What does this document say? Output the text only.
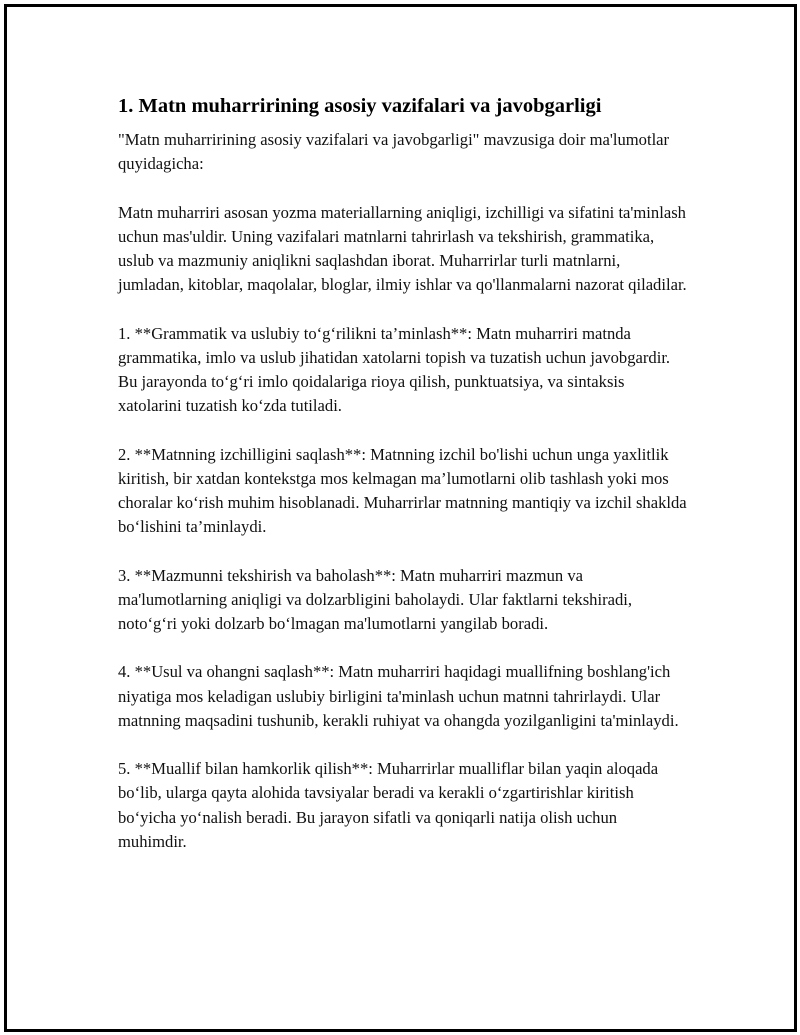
1. Matn muharririning asosiy vazifalari va javobgarligi

"Matn muharririning asosiy vazifalari va javobgarligi" mavzusiga doir ma'lumotlar quyidagicha:

Matn muharriri asosan yozma materiallarning aniqligi, izchilligi va sifatini ta'minlash uchun mas'uldir. Uning vazifalari matnlarni tahrirlash va tekshirish, grammatika, uslub va mazmuniy aniqlikni saqlashdan iborat. Muharrirlar turli matnlarni, jumladan, kitoblar, maqolalar, bloglar, ilmiy ishlar va qo'llanmalarni nazorat qiladilar.

1. **Grammatik va uslubiy to‘g‘rilikni ta’minlash**: Matn muharriri matnda grammatika, imlo va uslub jihatidan xatolarni topish va tuzatish uchun javobgardir. Bu jarayonda to‘g‘ri imlo qoidalariga rioya qilish, punktuatsiya, va sintaksis xatolarini tuzatish ko‘zda tutiladi.

2. **Matnning izchilligini saqlash**: Matnning izchil bo'lishi uchun unga yaxlitlik kiritish, bir xatdan kontekstga mos kelmagan ma’lumotlarni olib tashlash yoki mos choralar ko‘rish muhim hisoblanadi. Muharrirlar matnning mantiqiy va izchil shaklda bo‘lishini ta’minlaydi.

3. **Mazmunni tekshirish va baholash**: Matn muharriri mazmun va ma'lumotlarning aniqligi va dolzarbligini baholaydi. Ular faktlarni tekshiradi, noto‘g‘ri yoki dolzarb bo‘lmagan ma'lumotlarni yangilab boradi.

4. **Usul va ohangni saqlash**: Matn muharriri haqidagi muallifning boshlang'ich niyatiga mos keladigan uslubiy birligini ta'minlash uchun matnni tahrirlaydi. Ular matnning maqsadini tushunib, kerakli ruhiyat va ohangda yozilganligini ta'minlaydi.

5. **Muallif bilan hamkorlik qilish**: Muharrirlar mualliflar bilan yaqin aloqada bo‘lib, ularga qayta alohida tavsiyalar beradi va kerakli o‘zgartirishlar kiritish bo‘yicha yo‘nalish beradi. Bu jarayon sifatli va qoniqarli natija olish uchun muhimdir.
